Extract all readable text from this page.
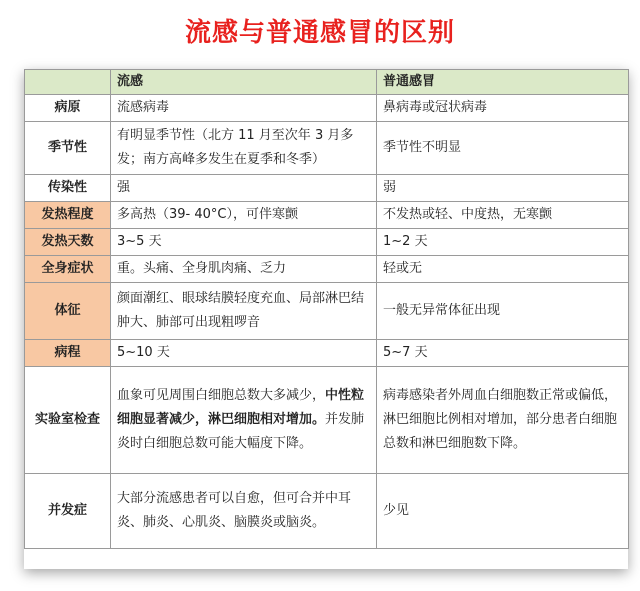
流感与普通感冒的区别
	流感	普通感冒
病原	流感病毒	鼻病毒或冠状病毒
季节性	有明显季节性（北方 11 月至次年 3 月多发；南方高峰多发生在夏季和冬季）	季节性不明显
传染性	强	弱
发热程度	多高热（39- 40°C），可伴寒颤	不发热或轻、中度热，无寒颤
发热天数	3~5 天	1~2 天
全身症状	重。头痛、全身肌肉痛、乏力	轻或无
体征	颜面潮红、眼球结膜轻度充血、局部淋巴结肿大、肺部可出现粗啰音	一般无异常体征出现
病程	5~10 天	5~7 天
实验室检查	血象可见周围白细胞总数大多减少，中性粒细胞显著减少，淋巴细胞相对增加。并发肺炎时白细胞总数可能大幅度下降。	病毒感染者外周血白细胞数正常或偏低，淋巴细胞比例相对增加，部分患者白细胞总数和淋巴细胞数下降。
并发症	大部分流感患者可以自愈，但可合并中耳炎、肺炎、心肌炎、脑膜炎或脑炎。	少见
